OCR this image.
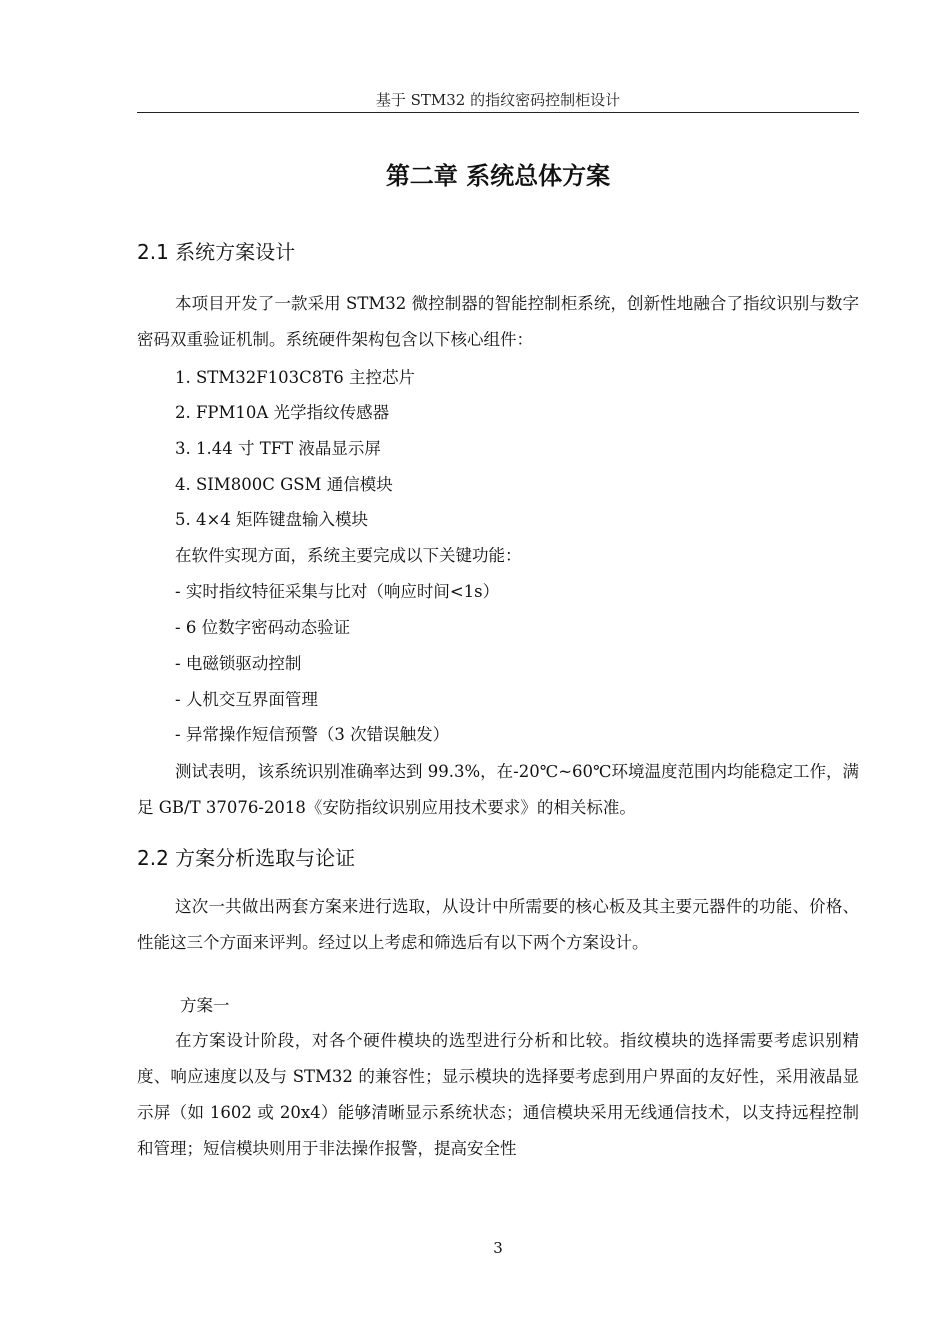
基于 STM32 的指纹密码控制柜设计
第二章 系统总体方案
2.1 系统方案设计
本项目开发了一款采用 STM32 微控制器的智能控制柜系统，创新性地融合了指纹识别与数字密码双重验证机制。系统硬件架构包含以下核心组件：
1. STM32F103C8T6 主控芯片
2. FPM10A 光学指纹传感器
3. 1.44 寸 TFT 液晶显示屏
4. SIM800C GSM 通信模块
5. 4×4 矩阵键盘输入模块
在软件实现方面，系统主要完成以下关键功能：
- 实时指纹特征采集与比对（响应时间<1s）
- 6 位数字密码动态验证
- 电磁锁驱动控制
- 人机交互界面管理
- 异常操作短信预警（3 次错误触发）
测试表明，该系统识别准确率达到 99.3%，在-20℃~60℃环境温度范围内均能稳定工作，满足 GB/T 37076-2018《安防指纹识别应用技术要求》的相关标准。
2.2 方案分析选取与论证
这次一共做出两套方案来进行选取，从设计中所需要的核心板及其主要元器件的功能、价格、性能这三个方面来评判。经过以上考虑和筛选后有以下两个方案设计。
方案一
在方案设计阶段，对各个硬件模块的选型进行分析和比较。指纹模块的选择需要考虑识别精度、响应速度以及与 STM32 的兼容性；显示模块的选择要考虑到用户界面的友好性，采用液晶显示屏（如 1602 或 20x4）能够清晰显示系统状态；通信模块采用无线通信技术，以支持远程控制和管理；短信模块则用于非法操作报警，提高安全性
3
